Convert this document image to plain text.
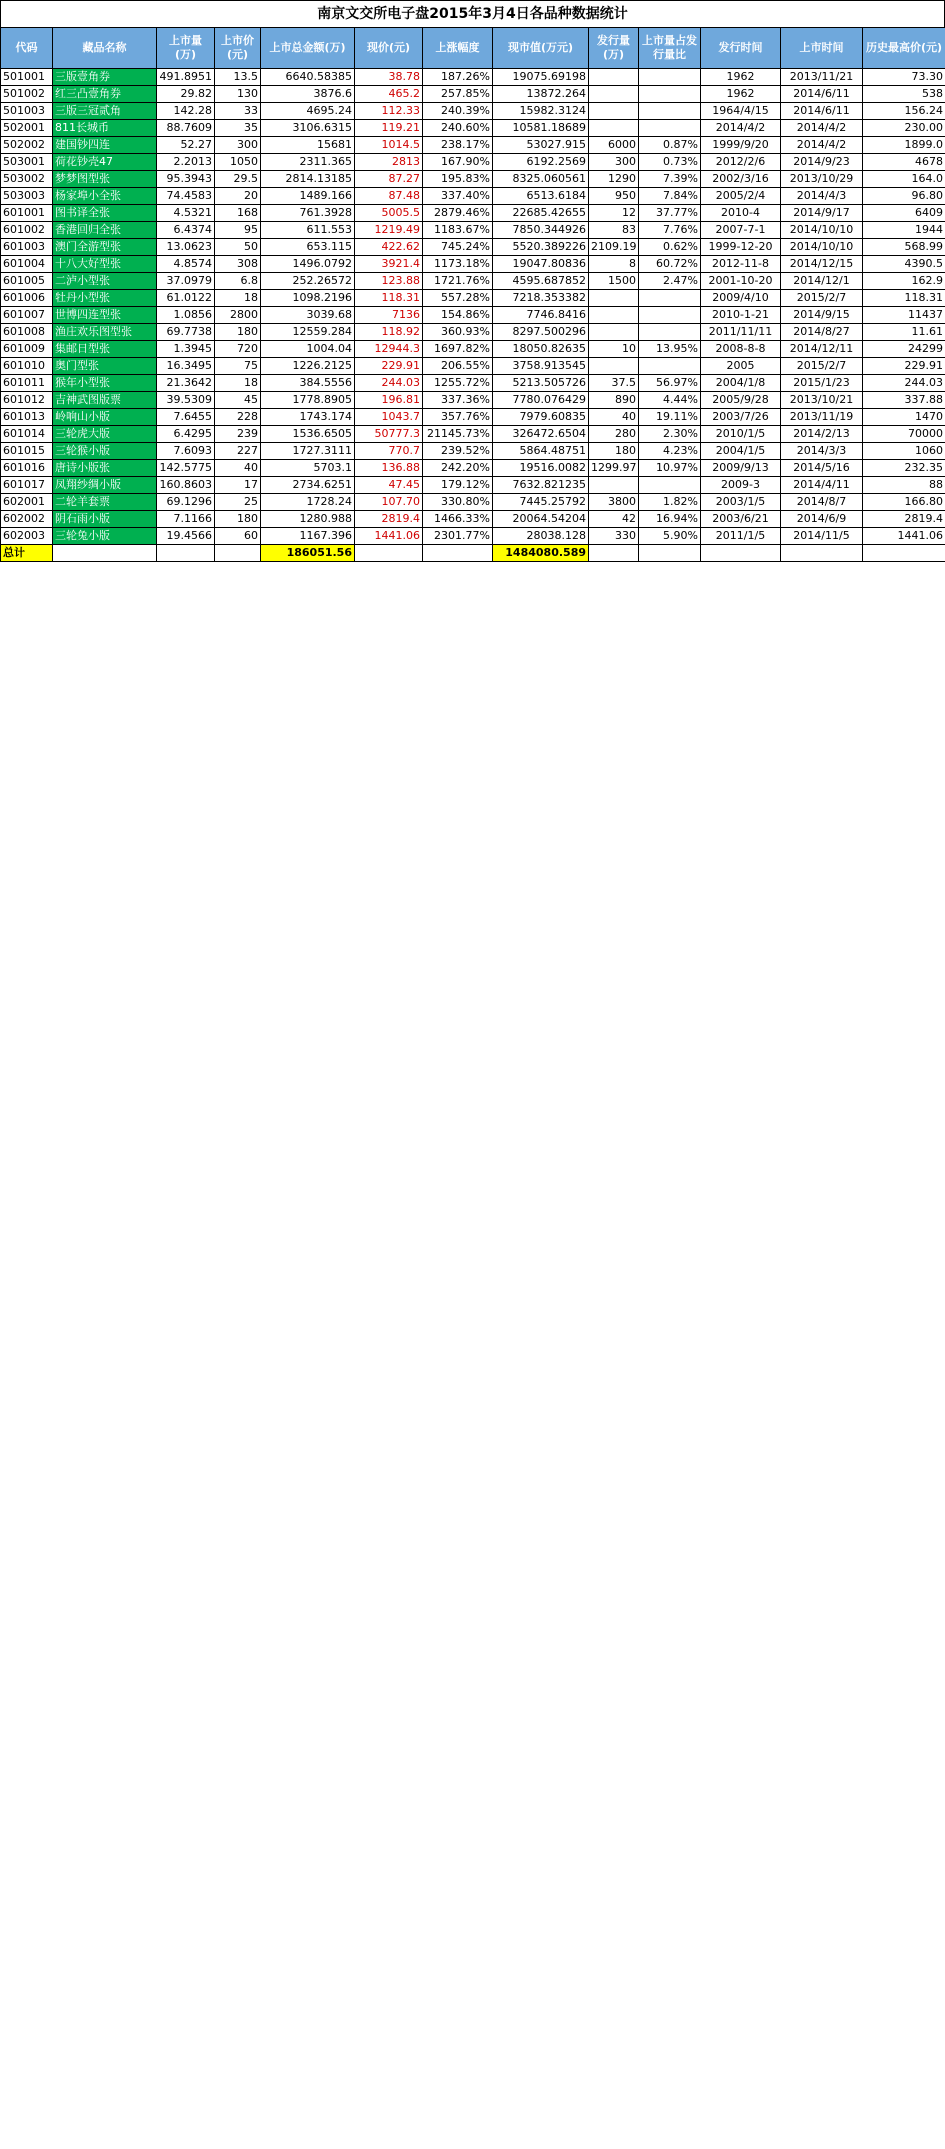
南京文交所电子盘2015年3月4日各品种数据统计
代码	藏品名称	上市量(万)	上市价(元)	上市总金额(万)	现价(元)	上涨幅度	现市值(万元)	发行量(万)	上市量占发行量比	发行时间	上市时间	历史最高价(元)
501001	三版壹角券	491.8951	13.5	6640.58385	38.78	187.26%	19075.69198			1962	2013/11/21	73.30
501002	红三凸壹角券	29.82	130	3876.6	465.2	257.85%	13872.264			1962	2014/6/11	538
501003	三版三冠贰角	142.28	33	4695.24	112.33	240.39%	15982.3124			1964/4/15	2014/6/11	156.24
502001	811长城币	88.7609	35	3106.6315	119.21	240.60%	10581.18689			2014/4/2	2014/4/2	230.00
502002	建国钞四连	52.27	300	15681	1014.5	238.17%	53027.915	6000	0.87%	1999/9/20	2014/4/2	1899.0
503001	荷花钞壳47	2.2013	1050	2311.365	2813	167.90%	6192.2569	300	0.73%	2012/2/6	2014/9/23	4678
503002	梦梦图型张	95.3943	29.5	2814.13185	87.27	195.83%	8325.060561	1290	7.39%	2002/3/16	2013/10/29	164.0
503003	杨家埠小全张	74.4583	20	1489.166	87.48	337.40%	6513.6184	950	7.84%	2005/2/4	2014/4/3	96.80
601001	图书译全张	4.5321	168	761.3928	5005.5	2879.46%	22685.42655	12	37.77%	2010-4	2014/9/17	6409
601002	香港回归全张	6.4374	95	611.553	1219.49	1183.67%	7850.344926	83	7.76%	2007-7-1	2014/10/10	1944
601003	澳门全游型张	13.0623	50	653.115	422.62	745.24%	5520.389226	2109.19	0.62%	1999-12-20	2014/10/10	568.99
601004	十八大好型张	4.8574	308	1496.0792	3921.4	1173.18%	19047.80836	8	60.72%	2012-11-8	2014/12/15	4390.5
601005	二泸小型张	37.0979	6.8	252.26572	123.88	1721.76%	4595.687852	1500	2.47%	2001-10-20	2014/12/1	162.9
601006	牡丹小型张	61.0122	18	1098.2196	118.31	557.28%	7218.353382			2009/4/10	2015/2/7	118.31
601007	世博四连型张	1.0856	2800	3039.68	7136	154.86%	7746.8416			2010-1-21	2014/9/15	11437
601008	渔庄欢乐图型张	69.7738	180	12559.284	118.92	360.93%	8297.500296			2011/11/11	2014/8/27	11.61
601009	集邮日型张	1.3945	720	1004.04	12944.3	1697.82%	18050.82635	10	13.95%	2008-8-8	2014/12/11	24299
601010	奥门型张	16.3495	75	1226.2125	229.91	206.55%	3758.913545			2005	2015/2/7	229.91
601011	猴年小型张	21.3642	18	384.5556	244.03	1255.72%	5213.505726	37.5	56.97%	2004/1/8	2015/1/23	244.03
601012	吉神武图版票	39.5309	45	1778.8905	196.81	337.36%	7780.076429	890	4.44%	2005/9/28	2013/10/21	337.88
601013	岭响山小版	7.6455	228	1743.174	1043.7	357.76%	7979.60835	40	19.11%	2003/7/26	2013/11/19	1470
601014	三轮虎大版	6.4295	239	1536.6505	50777.3	21145.73%	326472.6504	280	2.30%	2010/1/5	2014/2/13	70000
601015	三轮猴小版	7.6093	227	1727.3111	770.7	239.52%	5864.48751	180	4.23%	2004/1/5	2014/3/3	1060
601016	唐诗小版张	142.5775	40	5703.1	136.88	242.20%	19516.0082	1299.97	10.97%	2009/9/13	2014/5/16	232.35
601017	凤翔纱绸小版	160.8603	17	2734.6251	47.45	179.12%	7632.821235			2009-3	2014/4/11	88
602001	二轮羊套票	69.1296	25	1728.24	107.70	330.80%	7445.25792	3800	1.82%	2003/1/5	2014/8/7	166.80
602002	阴石雨小版	7.1166	180	1280.988	2819.4	1466.33%	20064.54204	42	16.94%	2003/6/21	2014/6/9	2819.4
602003	三轮兔小版	19.4566	60	1167.396	1441.06	2301.77%	28038.128	330	5.90%	2011/1/5	2014/11/5	1441.06
总计				186051.56			1484080.589					
